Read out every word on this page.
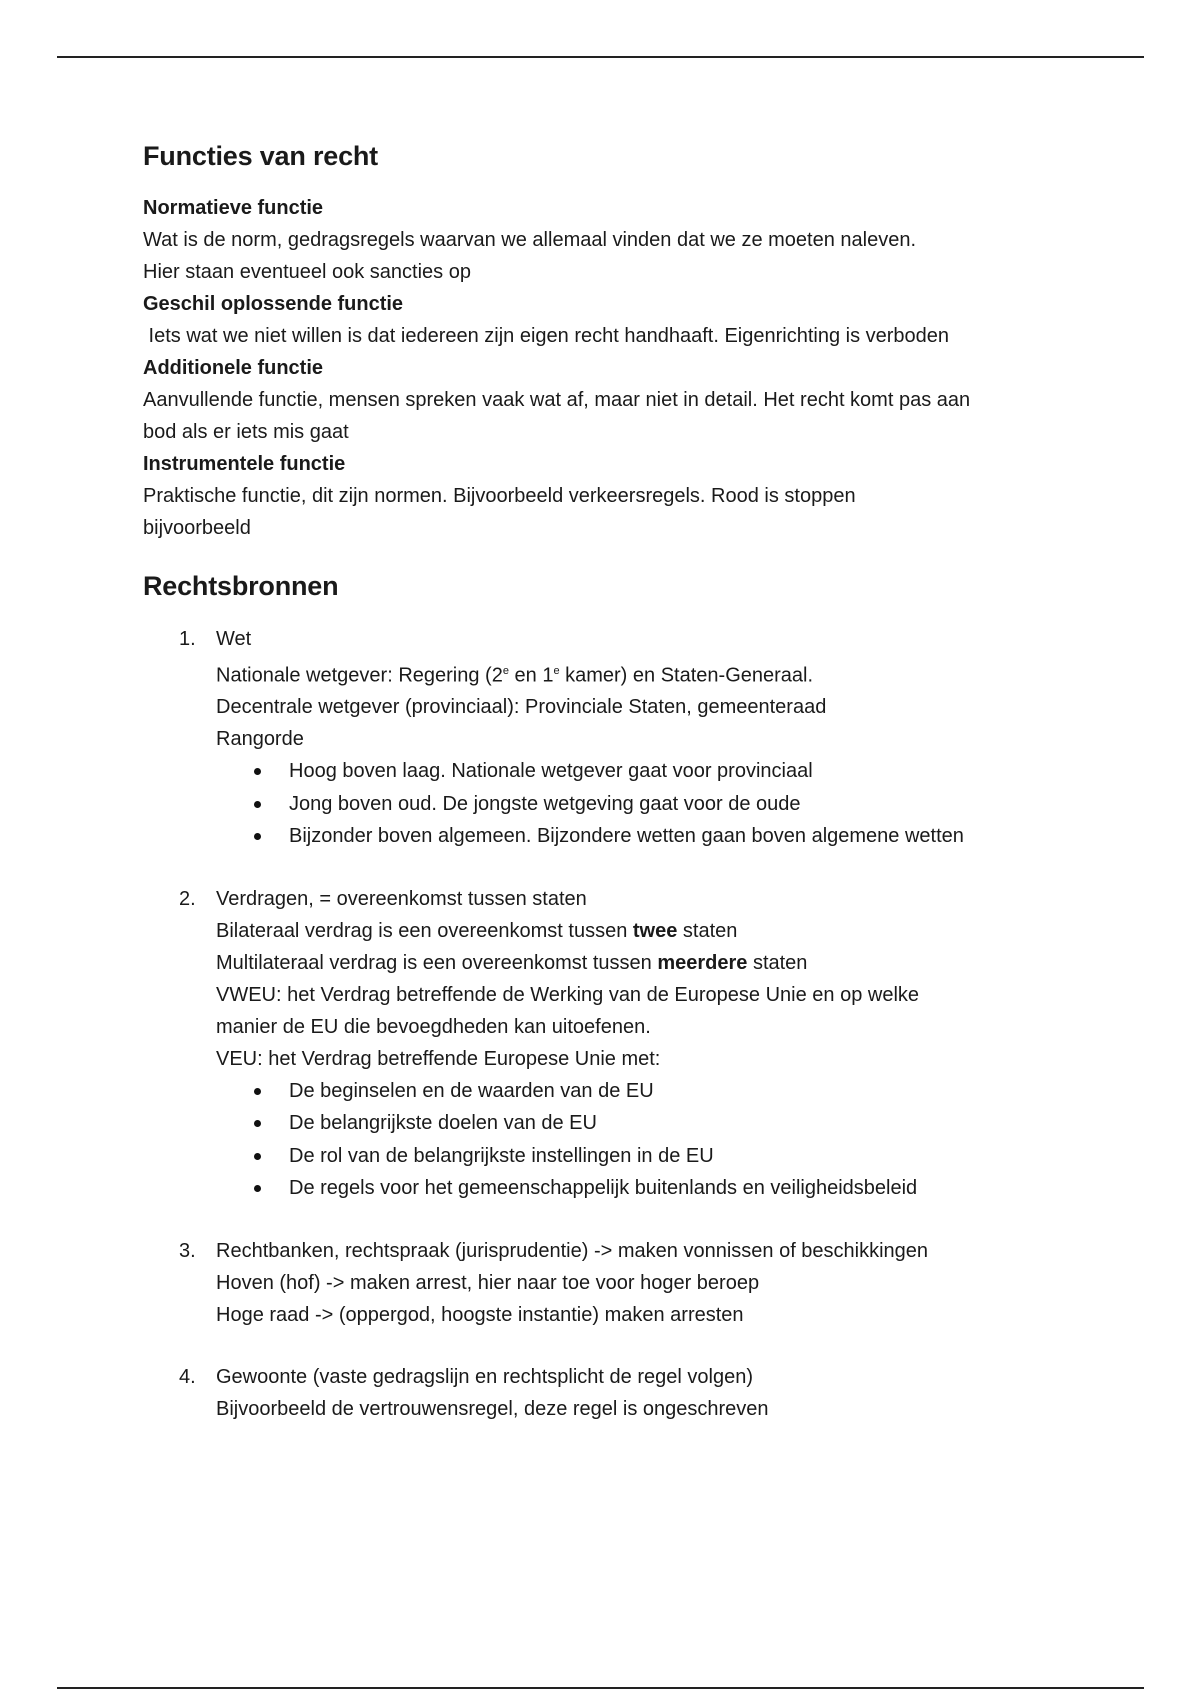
Functies van recht
Normatieve functie
Wat is de norm, gedragsregels waarvan we allemaal vinden dat we ze moeten naleven.
Hier staan eventueel ook sancties op
Geschil oplossende functie
Iets wat we niet willen is dat iedereen zijn eigen recht handhaaft. Eigenrichting is verboden
Additionele functie
Aanvullende functie, mensen spreken vaak wat af, maar niet in detail. Het recht komt pas aan
bod als er iets mis gaat
Instrumentele functie
Praktische functie, dit zijn normen. Bijvoorbeeld verkeersregels. Rood is stoppen
bijvoorbeeld
Rechtsbronnen
1. Wet
Nationale wetgever: Regering (2e en 1e kamer) en Staten-Generaal.
Decentrale wetgever (provinciaal): Provinciale Staten, gemeenteraad
Rangorde
Hoog boven laag. Nationale wetgever gaat voor provinciaal
Jong boven oud. De jongste wetgeving gaat voor de oude
Bijzonder boven algemeen. Bijzondere wetten gaan boven algemene wetten
2. Verdragen, = overeenkomst tussen staten
Bilateraal verdrag is een overeenkomst tussen twee staten
Multilateraal verdrag is een overeenkomst tussen meerdere staten
VWEU: het Verdrag betreffende de Werking van de Europese Unie en op welke
manier de EU die bevoegdheden kan uitoefenen.
VEU: het Verdrag betreffende Europese Unie met:
De beginselen en de waarden van de EU
De belangrijkste doelen van de EU
De rol van de belangrijkste instellingen in de EU
De regels voor het gemeenschappelijk buitenlands en veiligheidsbeleid
3. Rechtbanken, rechtspraak (jurisprudentie) -> maken vonnissen of beschikkingen
Hoven (hof) -> maken arrest, hier naar toe voor hoger beroep
Hoge raad -> (oppergod, hoogste instantie) maken arresten
4. Gewoonte (vaste gedragslijn en rechtsplicht de regel volgen)
Bijvoorbeeld de vertrouwensregel, deze regel is ongeschreven
